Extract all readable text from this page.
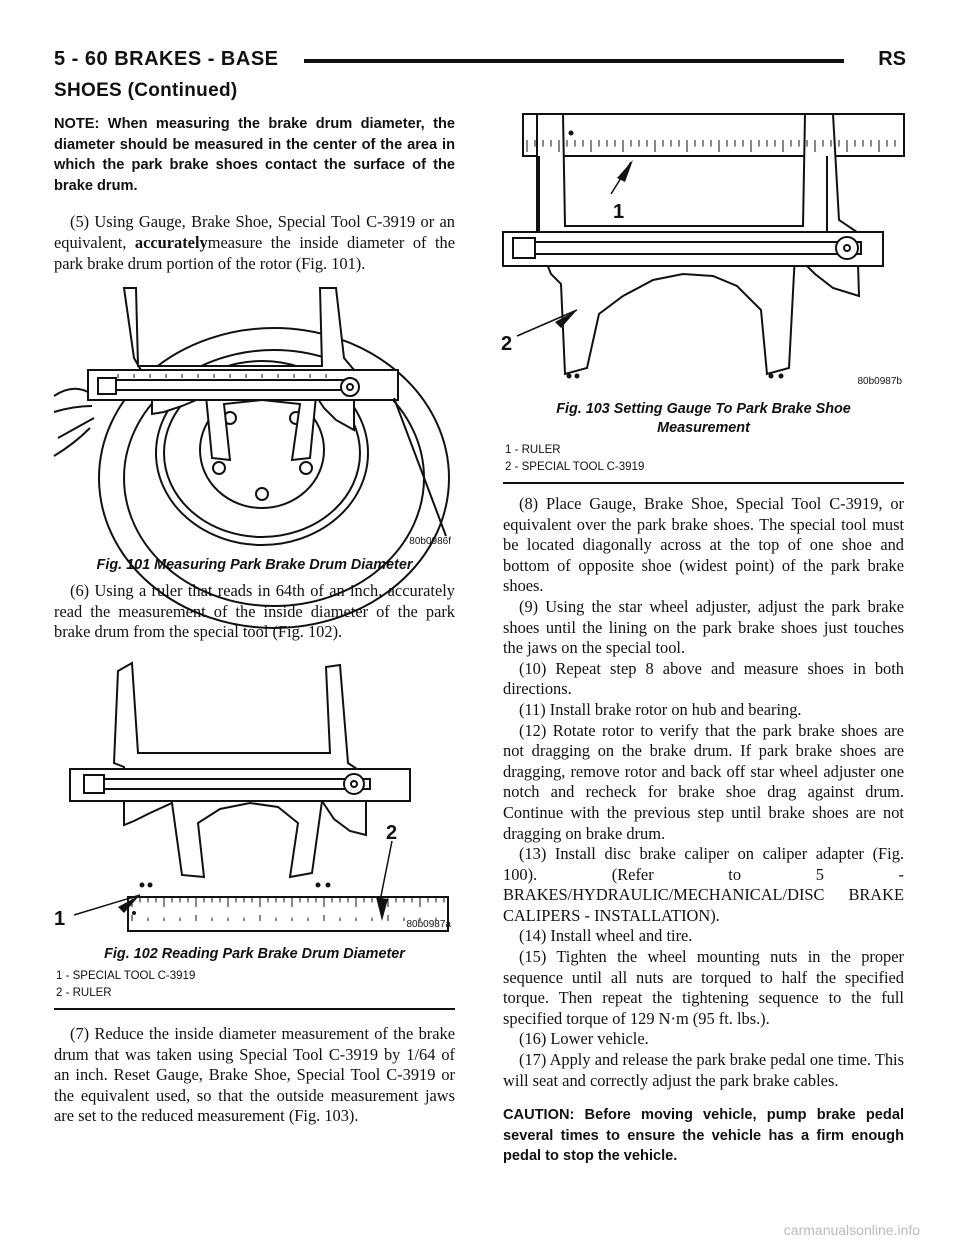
5 - 60 BRAKES - BASE	RS
SHOES (Continued)

NOTE: When measuring the brake drum diameter, the diameter should be measured in the center of the area in which the park brake shoes contact the surface of the brake drum.

(5) Using Gauge, Brake Shoe, Special Tool C-3919 or an equivalent, accuratelymeasure the inside diameter of the park brake drum portion of the rotor (Fig. 101).

80b0986f
Fig. 101 Measuring Park Brake Drum Diameter

(6) Using a ruler that reads in 64th of an inch, accurately read the measurement of the inside diameter of the park brake drum from the special tool (Fig. 102).

1
2
80b0987a
Fig. 102 Reading Park Brake Drum Diameter
1 - SPECIAL TOOL C-3919
2 - RULER

(7) Reduce the inside diameter measurement of the brake drum that was taken using Special Tool C-3919 by 1/64 of an inch. Reset Gauge, Brake Shoe, Special Tool C-3919 or the equivalent used, so that the outside measurement jaws are set to the reduced measurement (Fig. 103).

1
2
80b0987b
Fig. 103 Setting Gauge To Park Brake Shoe
Measurement
1 - RULER
2 - SPECIAL TOOL C-3919

(8) Place Gauge, Brake Shoe, Special Tool C-3919, or equivalent over the park brake shoes. The special tool must be located diagonally across at the top of one shoe and bottom of opposite shoe (widest point) of the park brake shoes.

(9) Using the star wheel adjuster, adjust the park brake shoes until the lining on the park brake shoes just touches the jaws on the special tool.

(10) Repeat step 8 above and measure shoes in both directions.

(11) Install brake rotor on hub and bearing.

(12) Rotate rotor to verify that the park brake shoes are not dragging on the brake drum. If park brake shoes are dragging, remove rotor and back off star wheel adjuster one notch and recheck for brake shoe drag against drum. Continue with the previous step until brake shoes are not dragging on brake drum.

(13) Install disc brake caliper on caliper adapter (Fig. 100). (Refer to 5 - BRAKES/HYDRAULIC/MECHANICAL/DISC BRAKE CALIPERS - INSTALLATION).

(14) Install wheel and tire.

(15) Tighten the wheel mounting nuts in the proper sequence until all nuts are torqued to half the specified torque. Then repeat the tightening sequence to the full specified torque of 129 N·m (95 ft. lbs.).

(16) Lower vehicle.

(17) Apply and release the park brake pedal one time. This will seat and correctly adjust the park brake cables.

CAUTION: Before moving vehicle, pump brake pedal several times to ensure the vehicle has a firm enough pedal to stop the vehicle.

carmanualsonline.info
